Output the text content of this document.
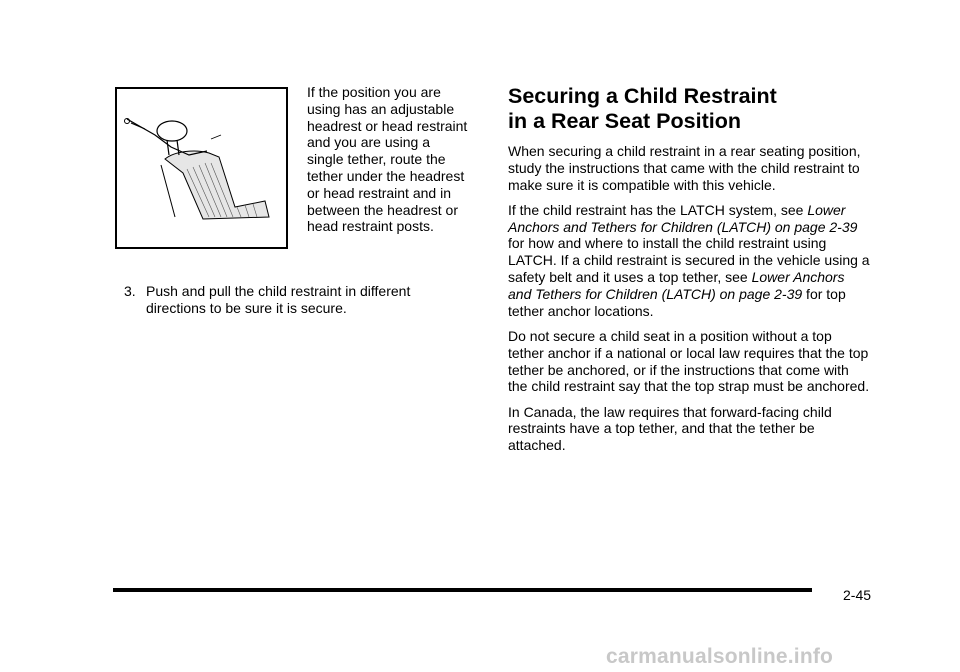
If the position you are
using has an adjustable
headrest or head restraint
and you are using a
single tether, route the
tether under the headrest
or head restraint and in
between the headrest or
head restraint posts.
3. Push and pull the child restraint in different directions to be sure it is secure.
Securing a Child Restraint
in a Rear Seat Position

When securing a child restraint in a rear seating position, study the instructions that came with the child restraint to make sure it is compatible with this vehicle.

If the child restraint has the LATCH system, see Lower Anchors and Tethers for Children (LATCH) on page 2-39 for how and where to install the child restraint using LATCH. If a child restraint is secured in the vehicle using a safety belt and it uses a top tether, see Lower Anchors and Tethers for Children (LATCH) on page 2-39 for top tether anchor locations.

Do not secure a child seat in a position without a top tether anchor if a national or local law requires that the top tether be anchored, or if the instructions that come with the child restraint say that the top strap must be anchored.

In Canada, the law requires that forward-facing child restraints have a top tether, and that the tether be attached.

2-45
carmanualsonline.info
